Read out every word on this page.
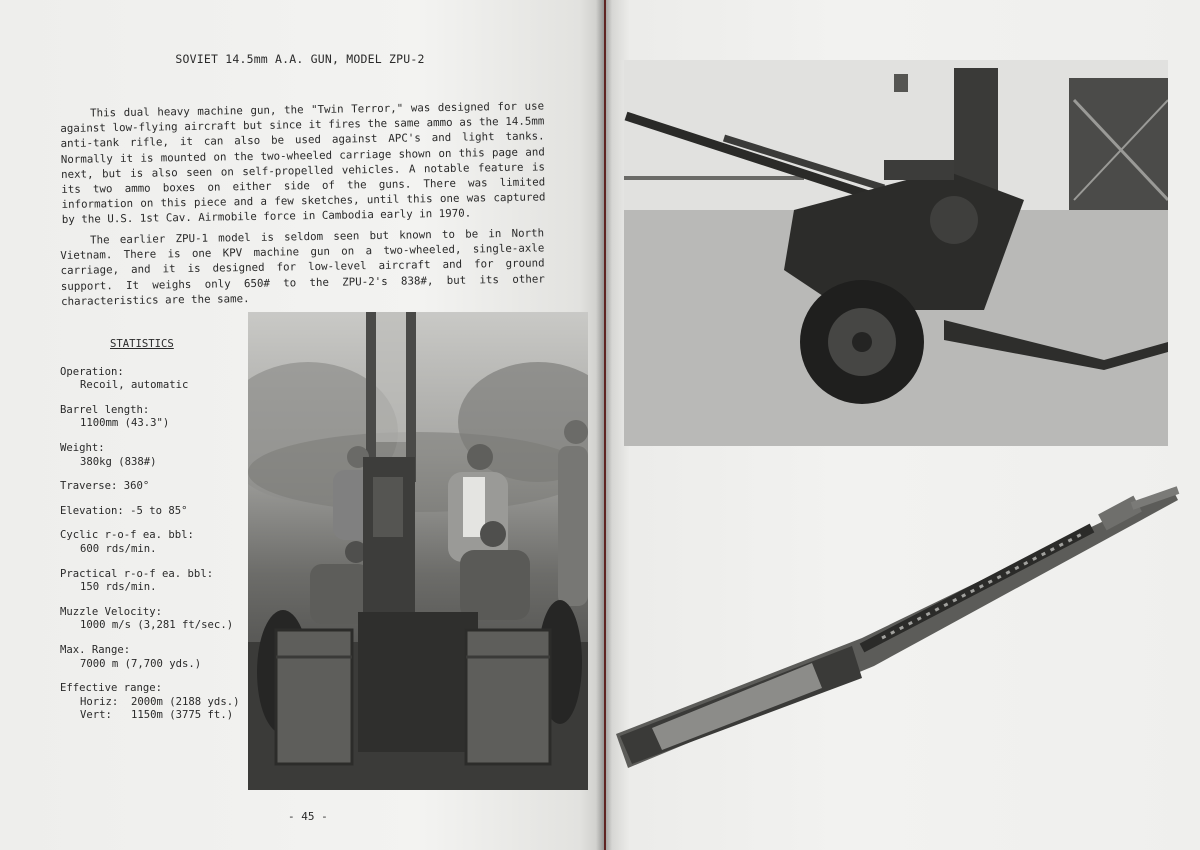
SOVIET 14.5mm A.A. GUN, MODEL ZPU-2
This dual heavy machine gun, the "Twin Terror," was designed for use against low-flying aircraft but since it fires the same ammo as the 14.5mm anti-tank rifle, it can also be used against APC's and light tanks. Normally it is mounted on the two-wheeled carriage shown on this page and next, but is also seen on self-propelled vehicles. A notable feature is its two ammo boxes on either side of the guns. There was limited information on this piece and a few sketches, until this one was captured by the U.S. 1st Cav. Airmobile force in Cambodia early in 1970.
The earlier ZPU-1 model is seldom seen but known to be in North Vietnam. There is one KPV machine gun on a two-wheeled, single-axle carriage, and it is designed for low-level aircraft and for ground support. It weighs only 650# to the ZPU-2's 838#, but its other characteristics are the same.
STATISTICS
Operation:
Recoil, automatic
Barrel length:
1100mm (43.3")
Weight:
380kg (838#)
Traverse: 360°
Elevation: -5 to 85°
Cyclic r-o-f ea. bbl:
600 rds/min.
Practical r-o-f ea. bbl:
150 rds/min.
Muzzle Velocity:
1000 m/s (3,281 ft/sec.)
Max. Range:
7000 m (7,700 yds.)
Effective range:
Horiz:  2000m (2188 yds.)
Vert:   1150m (3775 ft.)
- 45 -
